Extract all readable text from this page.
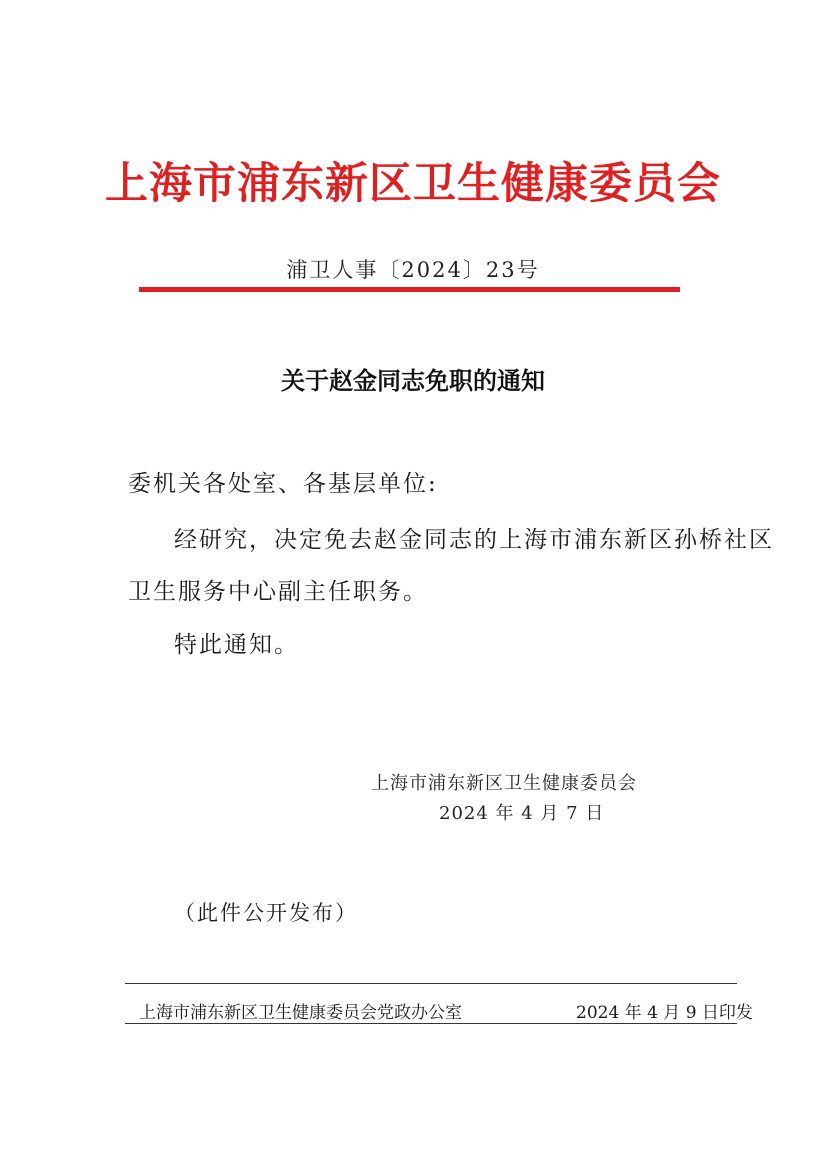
上海市浦东新区卫生健康委员会
浦卫人事〔2024〕23号
关于赵金同志免职的通知
委机关各处室、各基层单位:
经研究，决定免去赵金同志的上海市浦东新区孙桥社区
卫生服务中心副主任职务。
特此通知。
上海市浦东新区卫生健康委员会
2024 年 4 月 7 日
（此件公开发布）
上海市浦东新区卫生健康委员会党政办公室	2024 年 4 月 9 日印发
